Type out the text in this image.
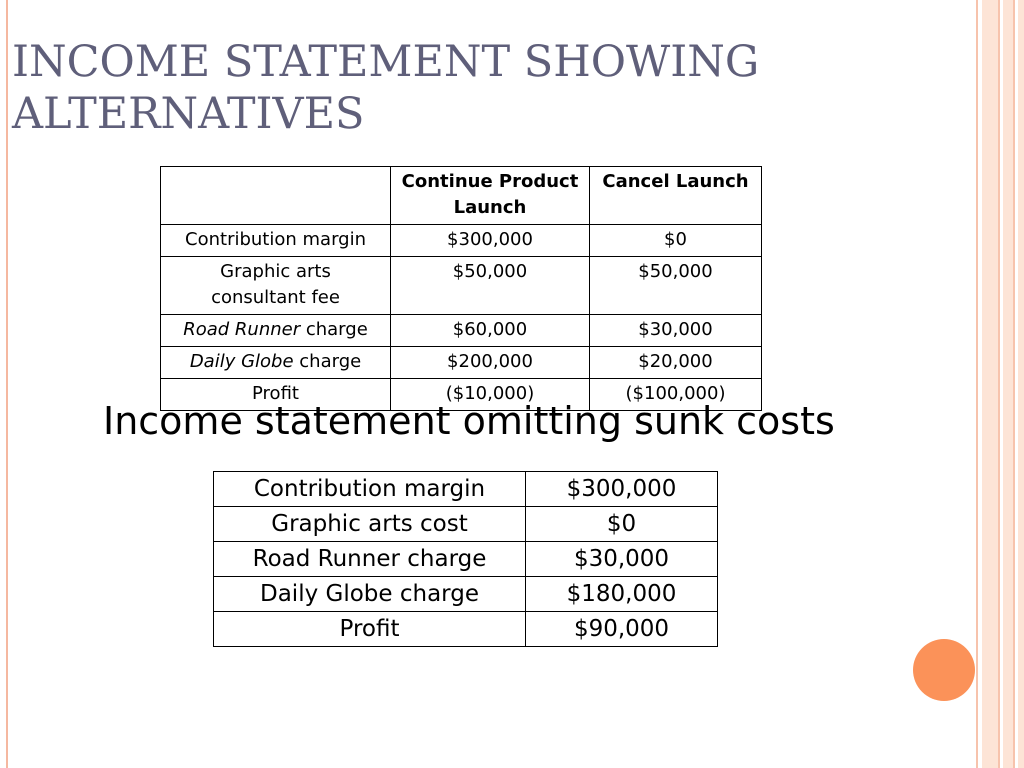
INCOME STATEMENT SHOWING ALTERNATIVES
	Continue Product Launch	Cancel Launch
Contribution margin	$300,000	$0
Graphic arts consultant fee	$50,000	$50,000
Road Runner charge	$60,000	$30,000
Daily Globe charge	$200,000	$20,000
Profit	($10,000)	($100,000)
Income statement omitting sunk costs
Contribution margin	$300,000
Graphic arts cost	$0
Road Runner charge	$30,000
Daily Globe charge	$180,000
Profit	$90,000
